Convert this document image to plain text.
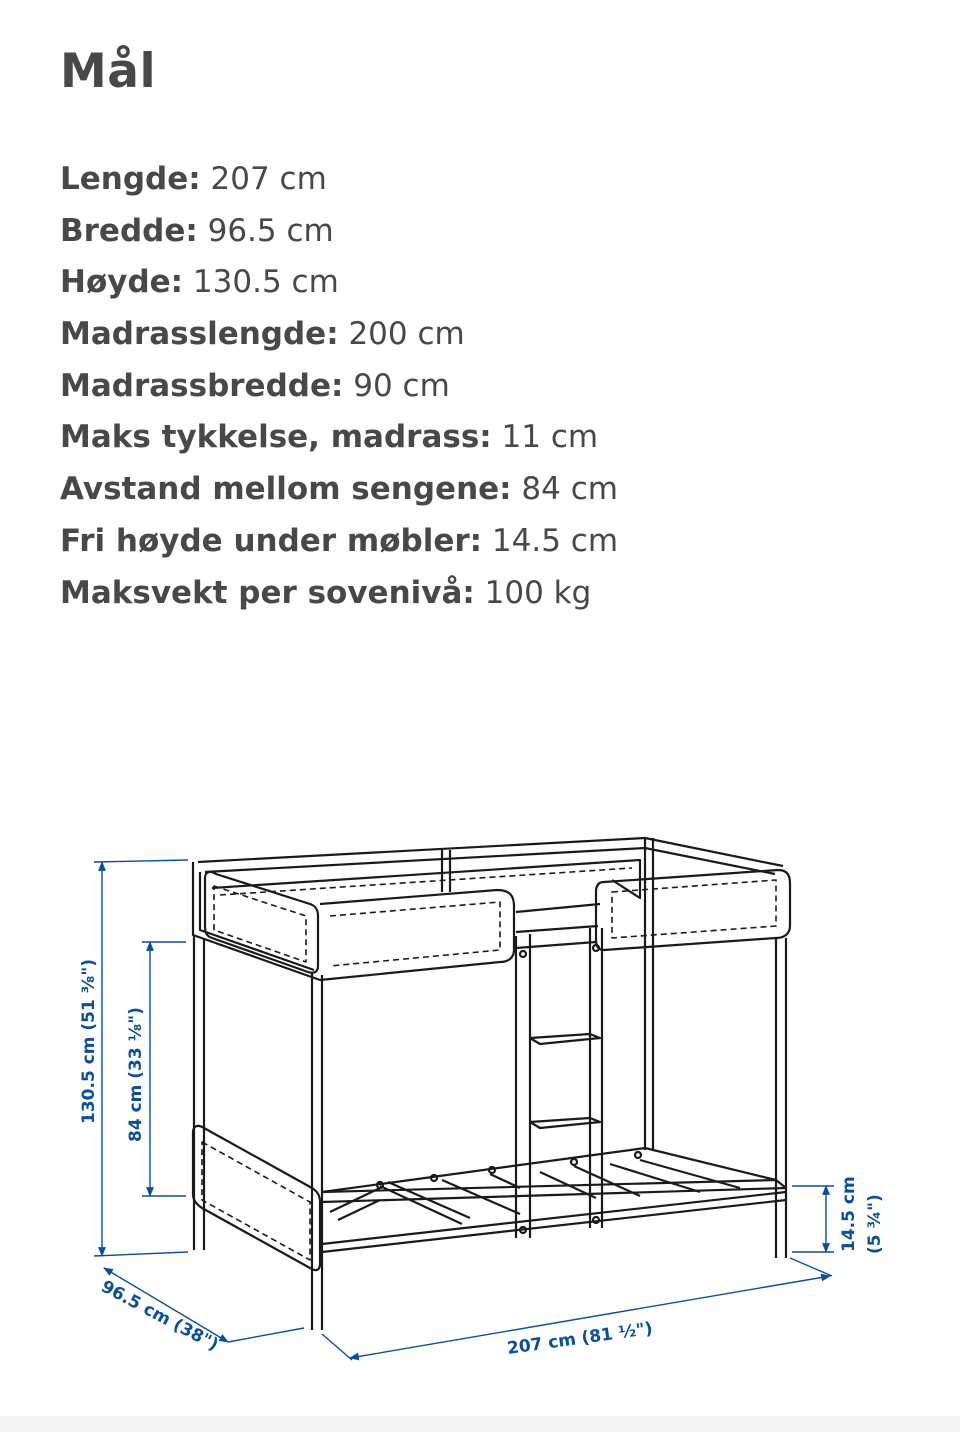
Mål
Lengde: 207 cm
Bredde: 96.5 cm
Høyde: 130.5 cm
Madrasslengde: 200 cm
Madrassbredde: 90 cm
Maks tykkelse, madrass: 11 cm
Avstand mellom sengene: 84 cm
Fri høyde under møbler: 14.5 cm
Maksvekt per sovenivå: 100 kg
130.5 cm (51 ⅜") 84 cm (33 ⅛")
96.5 cm (38")	207 cm (81 ½")
14.5 cm (5 ¾")
